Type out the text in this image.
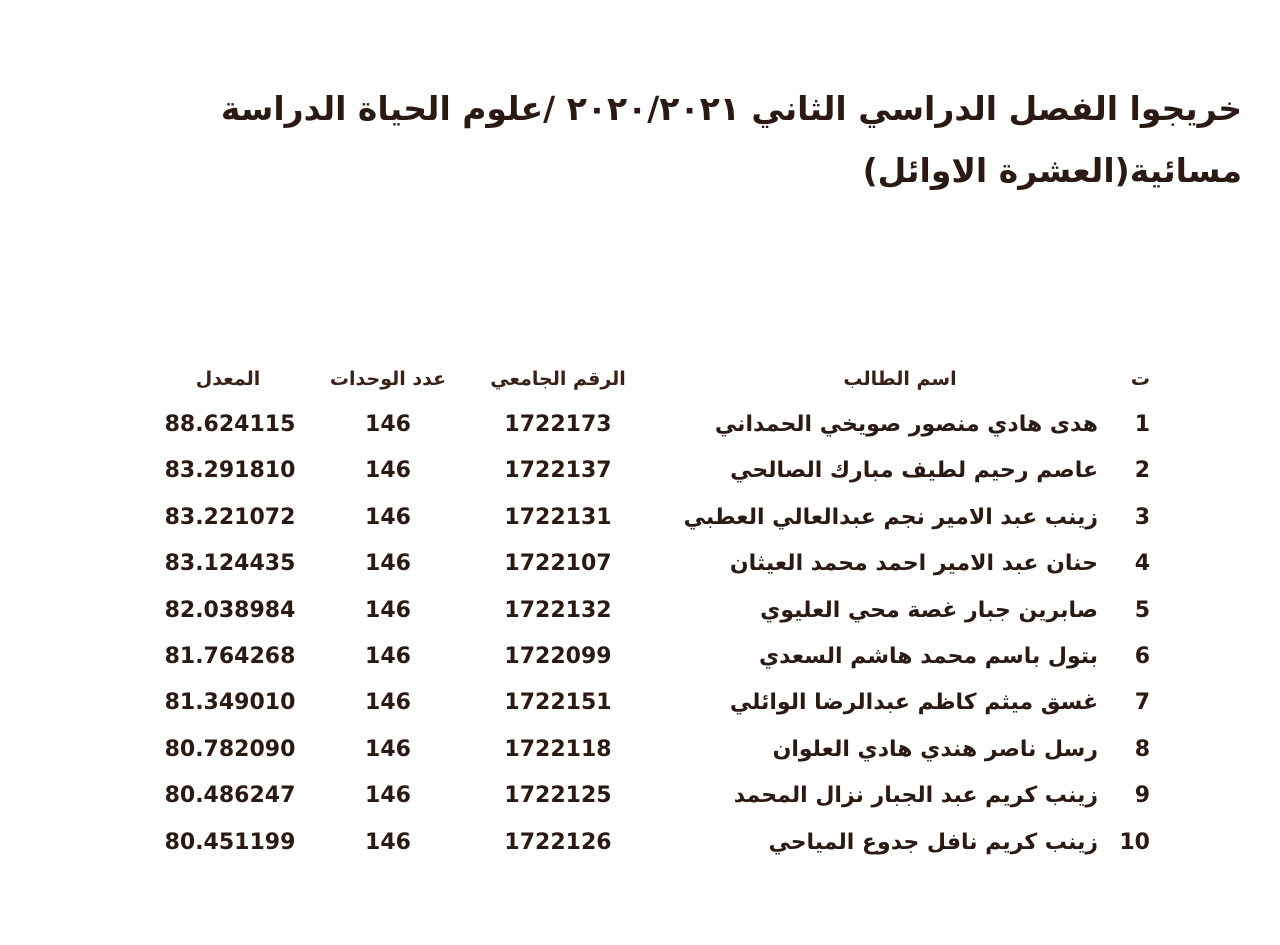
خريجوا الفصل الدراسي الثاني ٢٠٢٠/٢٠٢١ /علوم الحياة الدراسة مسائية(العشرة الاوائل)
ت
اسم الطالب
الرقم الجامعي
عدد الوحدات
المعدل
1
هدى هادي منصور صويخي الحمداني
1722173
146
88.624115
2
عاصم رحيم لطيف مبارك الصالحي
1722137
146
83.291810
3
زينب عبد الامير نجم عبدالعالي العطبي
1722131
146
83.221072
4
حنان عبد الامير احمد محمد العيثان
1722107
146
83.124435
5
صابرين جبار غصة محي العليوي
1722132
146
82.038984
6
بتول باسم محمد هاشم السعدي
1722099
146
81.764268
7
غسق ميثم كاظم عبدالرضا الوائلي
1722151
146
81.349010
8
رسل ناصر هندي هادي العلوان
1722118
146
80.782090
9
زينب كريم عبد الجبار نزال المحمد
1722125
146
80.486247
10
زينب كريم نافل جدوع المياحي
1722126
146
80.451199
